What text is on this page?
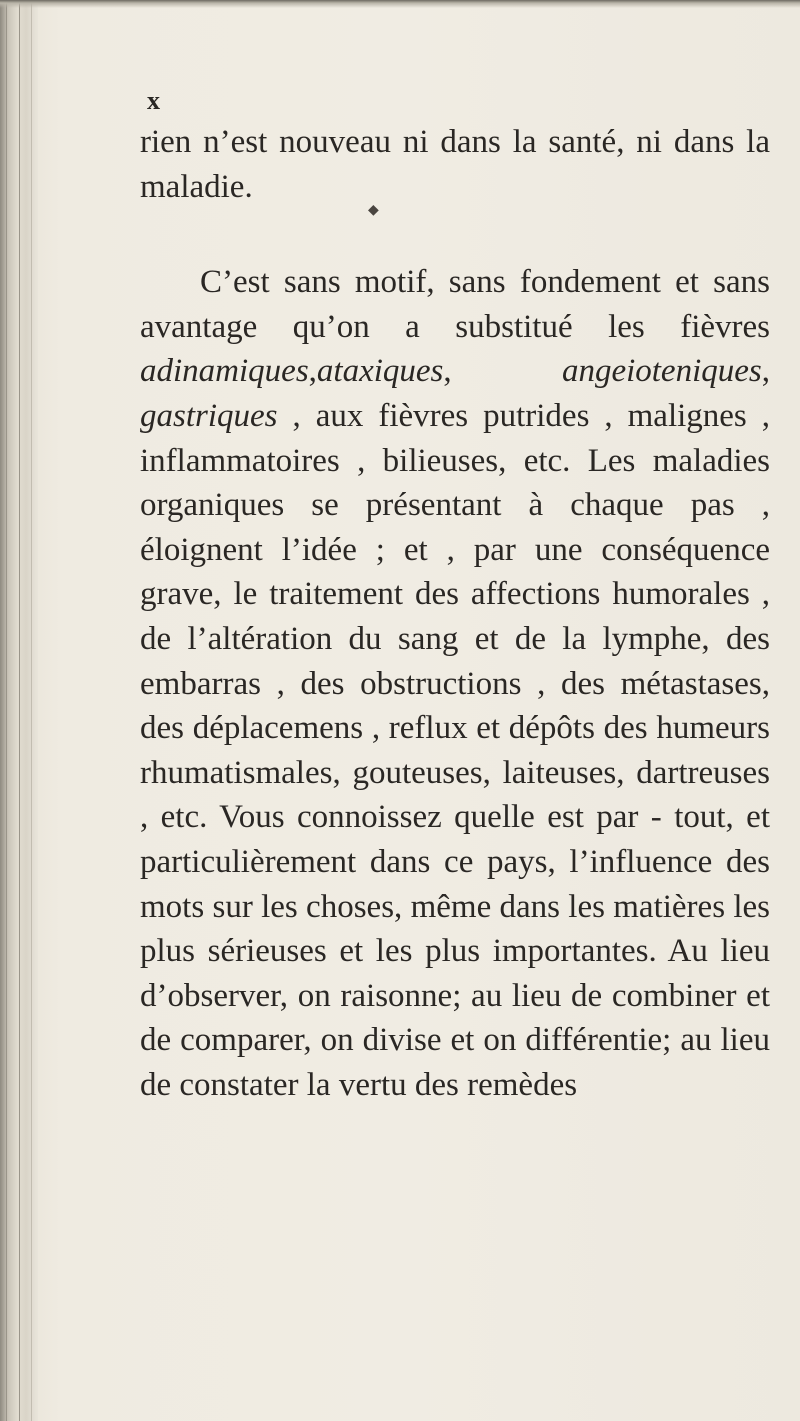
x
◆

rien n’est nouveau ni dans la santé, ni dans la maladie.

C’est sans motif, sans fondement et sans avantage qu’on a substitué les fièvres adinamiques,ataxiques, angeioteniques, gastriques , aux fièvres putrides , malignes , inflammatoires , bilieuses, etc. Les maladies organiques se présentant à chaque pas , éloignent l’idée ; et , par une conséquence grave, le traitement des affections humorales , de l’altération du sang et de la lymphe, des embarras , des obstructions , des métastases, des déplacemens , reflux et dépôts des humeurs rhumatismales, gouteuses, laiteuses, dartreuses , etc. Vous connoissez quelle est par - tout, et particulièrement dans ce pays, l’influence des mots sur les choses, même dans les matières les plus sérieuses et les plus importantes. Au lieu d’observer, on raisonne; au lieu de combiner et de comparer, on divise et on différentie; au lieu de constater la vertu des remèdes
